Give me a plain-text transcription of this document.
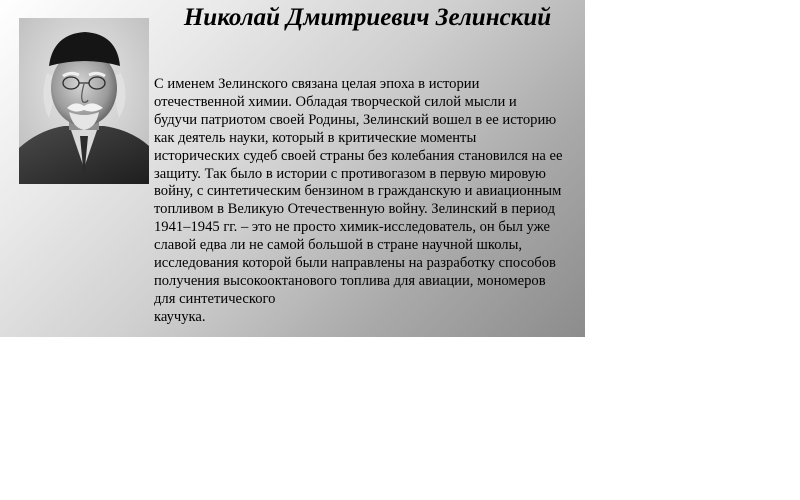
Николай Дмитриевич Зелинский
С именем Зелинского связана целая эпоха в истории
отечественной химии. Обладая творческой силой мысли и
будучи патриотом своей Родины, Зелинский вошел в ее историю
как деятель науки, который в критические моменты
исторических судеб своей страны без колебания становился на ее
защиту. Так было в истории с противогазом в первую мировую
войну, с синтетическим бензином в гражданскую и авиационным
топливом в Великую Отечественную войну. Зелинский в период
1941–1945 гг. – это не просто химик-исследователь, он был уже
славой едва ли не самой большой в стране научной школы,
исследования которой были направлены на разработку способов
получения высокооктанового топлива для авиации, мономеров
для синтетического
каучука.
